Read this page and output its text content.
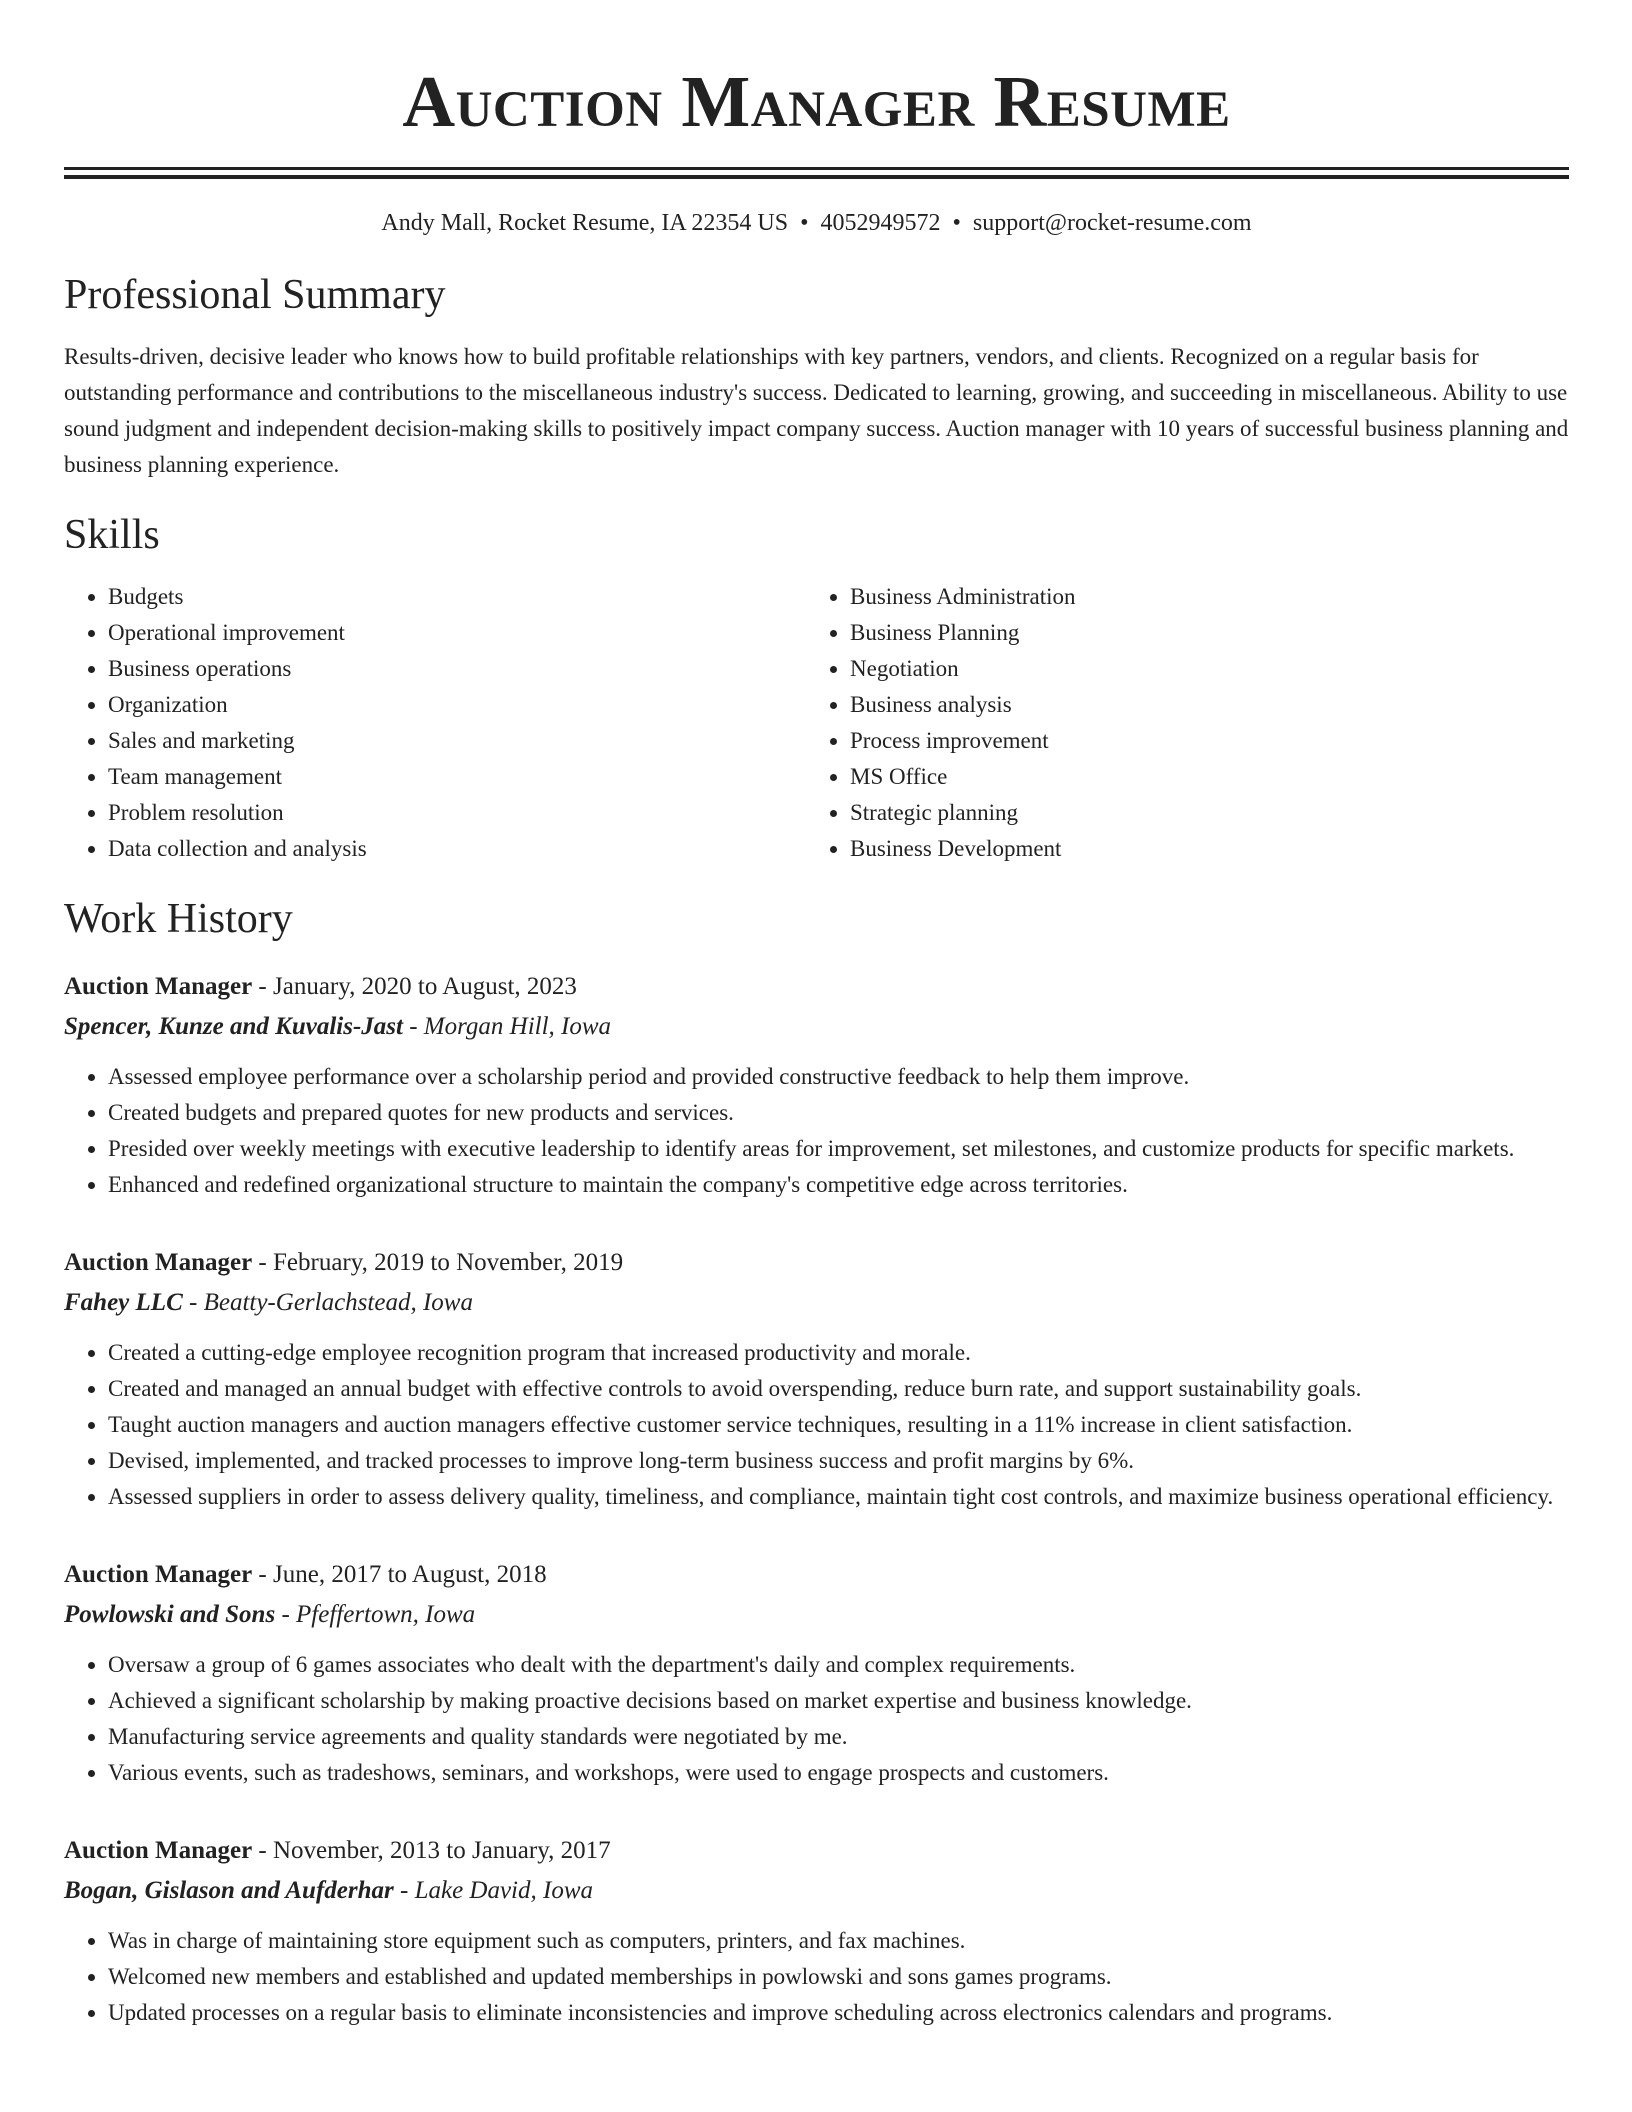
Auction Manager Resume
Andy Mall, Rocket Resume, IA 22354 US • 4052949572 • support@rocket-resume.com
Professional Summary

Results-driven, decisive leader who knows how to build profitable relationships with key partners, vendors, and clients. Recognized on a regular basis for outstanding performance and contributions to the miscellaneous industry's success. Dedicated to learning, growing, and succeeding in miscellaneous. Ability to use sound judgment and independent decision-making skills to positively impact company success. Auction manager with 10 years of successful business planning and business planning experience.

Skills
• Budgets
• Operational improvement
• Business operations
• Organization
• Sales and marketing
• Team management
• Problem resolution
• Data collection and analysis
• Business Administration
• Business Planning
• Negotiation
• Business analysis
• Process improvement
• MS Office
• Strategic planning
• Business Development
Work History
Auction Manager - January, 2020 to August, 2023
Spencer, Kunze and Kuvalis-Jast - Morgan Hill, Iowa
• Assessed employee performance over a scholarship period and provided constructive feedback to help them improve.
• Created budgets and prepared quotes for new products and services.
• Presided over weekly meetings with executive leadership to identify areas for improvement, set milestones, and customize products for specific markets.
• Enhanced and redefined organizational structure to maintain the company's competitive edge across territories.
Auction Manager - February, 2019 to November, 2019
Fahey LLC - Beatty-Gerlachstead, Iowa
• Created a cutting-edge employee recognition program that increased productivity and morale.
• Created and managed an annual budget with effective controls to avoid overspending, reduce burn rate, and support sustainability goals.
• Taught auction managers and auction managers effective customer service techniques, resulting in a 11% increase in client satisfaction.
• Devised, implemented, and tracked processes to improve long-term business success and profit margins by 6%.
• Assessed suppliers in order to assess delivery quality, timeliness, and compliance, maintain tight cost controls, and maximize business operational efficiency.
Auction Manager - June, 2017 to August, 2018
Powlowski and Sons - Pfeffertown, Iowa
• Oversaw a group of 6 games associates who dealt with the department's daily and complex requirements.
• Achieved a significant scholarship by making proactive decisions based on market expertise and business knowledge.
• Manufacturing service agreements and quality standards were negotiated by me.
• Various events, such as tradeshows, seminars, and workshops, were used to engage prospects and customers.
Auction Manager - November, 2013 to January, 2017
Bogan, Gislason and Aufderhar - Lake David, Iowa
• Was in charge of maintaining store equipment such as computers, printers, and fax machines.
• Welcomed new members and established and updated memberships in powlowski and sons games programs.
• Updated processes on a regular basis to eliminate inconsistencies and improve scheduling across electronics calendars and programs.
